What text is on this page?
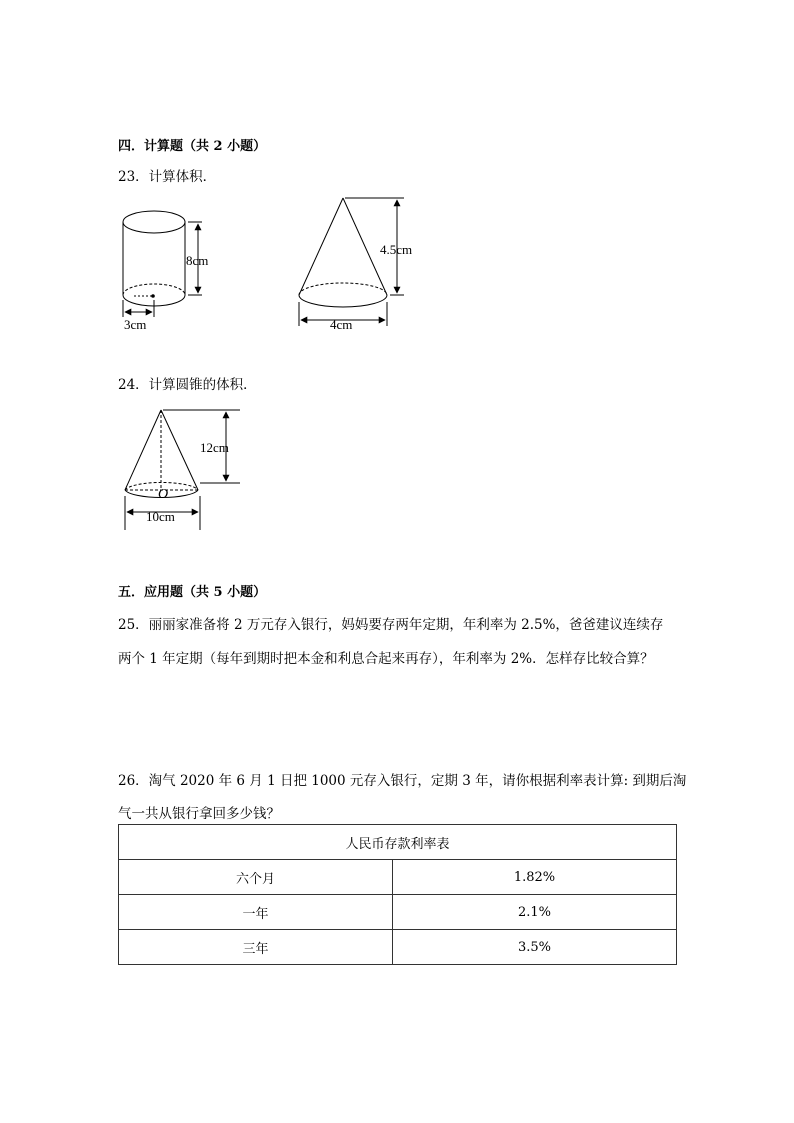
四．计算题（共 2 小题）
23．计算体积．
8cm
3cm
4.5cm
4cm
24．计算圆锥的体积．
O
12cm
10cm
五．应用题（共 5 小题）
25．丽丽家准备将 2 万元存入银行，妈妈要存两年定期，年利率为 2.5%，爸爸建议连续存
两个 1 年定期（每年到期时把本金和利息合起来再存），年利率为 2%．怎样存比较合算？
26．淘气 2020 年 6 月 1 日把 1000 元存入银行，定期 3 年，请你根据利率表计算: 到期后淘
气一共从银行拿回多少钱？
人民币存款利率表	
六个月	1.82%
一年	2.1%
三年	3.5%
